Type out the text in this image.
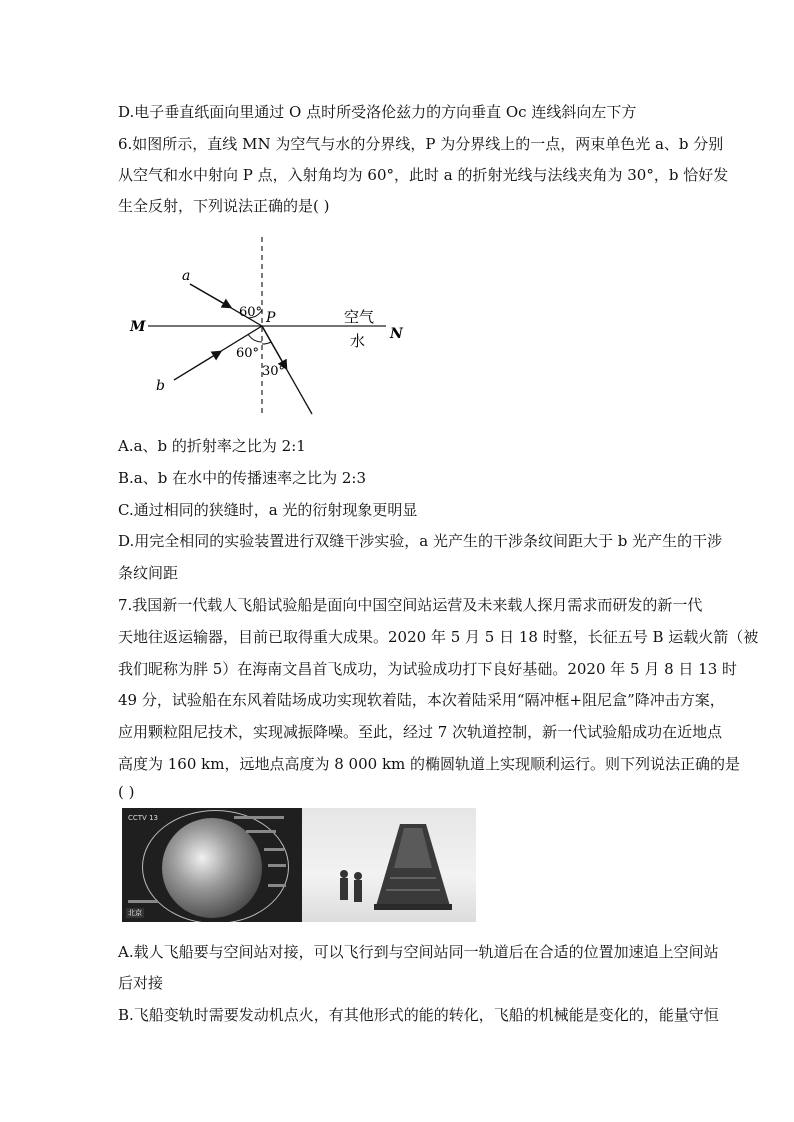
D.电子垂直纸面向里通过 O 点时所受洛伦兹力的方向垂直 Oc 连线斜向左下方
6.如图所示，直线 MN 为空气与水的分界线，P 为分界线上的一点，两束单色光 a、b 分别
从空气和水中射向 P 点，入射角均为 60°，此时 a 的折射光线与法线夹角为 30°，b 恰好发
生全反射，下列说法正确的是( )
a
b
M	N
P
60°
60°
30°
空气
水
A.a、b 的折射率之比为 2:1
B.a、b 在水中的传播速率之比为 2:3
C.通过相同的狭缝时，a 光的衍射现象更明显
D.用完全相同的实验装置进行双缝干涉实验，a 光产生的干涉条纹间距大于 b 光产生的干涉
条纹间距
7.我国新一代载人飞船试验船是面向中国空间站运营及未来载人探月需求而研发的新一代
天地往返运输器，目前已取得重大成果。2020 年 5 月 5 日 18 时整，长征五号 B 运载火箭（被
我们昵称为胖 5）在海南文昌首飞成功，为试验成功打下良好基础。2020 年 5 月 8 日 13 时
49 分，试验船在东风着陆场成功实现软着陆，本次着陆采用“隔冲框+阻尼盒”降冲击方案，
应用颗粒阻尼技术，实现减振降噪。至此，经过 7 次轨道控制，新一代试验船成功在近地点
高度为 160 km，远地点高度为 8 000 km 的椭圆轨道上实现顺利运行。则下列说法正确的是
( )
CCTV 13
北京
A.载人飞船要与空间站对接，可以飞行到与空间站同一轨道后在合适的位置加速追上空间站
后对接
B.飞船变轨时需要发动机点火，有其他形式的能的转化，飞船的机械能是变化的，能量守恒
